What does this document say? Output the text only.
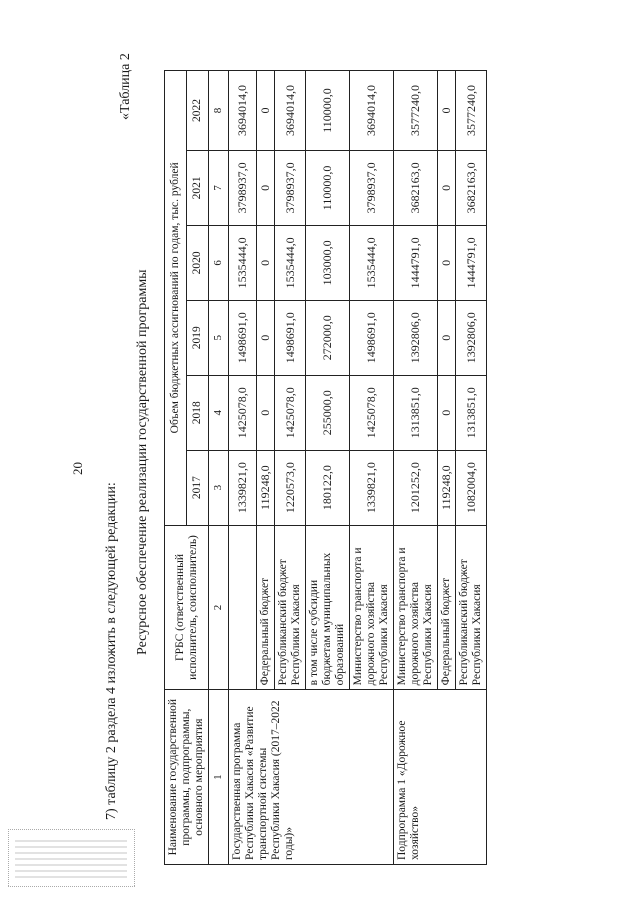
20
7) таблицу 2 раздела 4 изложить в следующей редакции:
«Таблица 2
Ресурсное обеспечение реализации государственной программы
Наименование государственной программы, подпрограммы, основного мероприятия	ГРБС (ответственный исполнитель, соисполнитель)	Объем бюджетных ассигнований по годам, тыс. рублей					
		2017	2018	2019	2020	2021	2022
1	2	3	4	5	6	7	8
Государственная программа Республики Хакасия «Развитие транспортной системы Республики Хакасия (2017–2022 годы)»		1339821,0	1425078,0	1498691,0	1535444,0	3798937,0	3694014,0
	Федеральный бюджет	119248,0	0	0	0	0	0
	Республиканский бюджет Республики Хакасия	1220573,0	1425078,0	1498691,0	1535444,0	3798937,0	3694014,0
	в том числе субсидии бюджетам муниципальных образований	180122,0	255000,0	272000,0	103000,0	110000,0	110000,0
	Министерство транспорта и дорожного хозяйства Республики Хакасия	1339821,0	1425078,0	1498691,0	1535444,0	3798937,0	3694014,0
Подпрограмма 1 «Дорожное хозяйство»	Министерство транспорта и дорожного хозяйства Республики Хакасия	1201252,0	1313851,0	1392806,0	1444791,0	3682163,0	3577240,0
	Федеральный бюджет	119248,0	0	0	0	0	0
	Республиканский бюджет Республики Хакасия	1082004,0	1313851,0	1392806,0	1444791,0	3682163,0	3577240,0
